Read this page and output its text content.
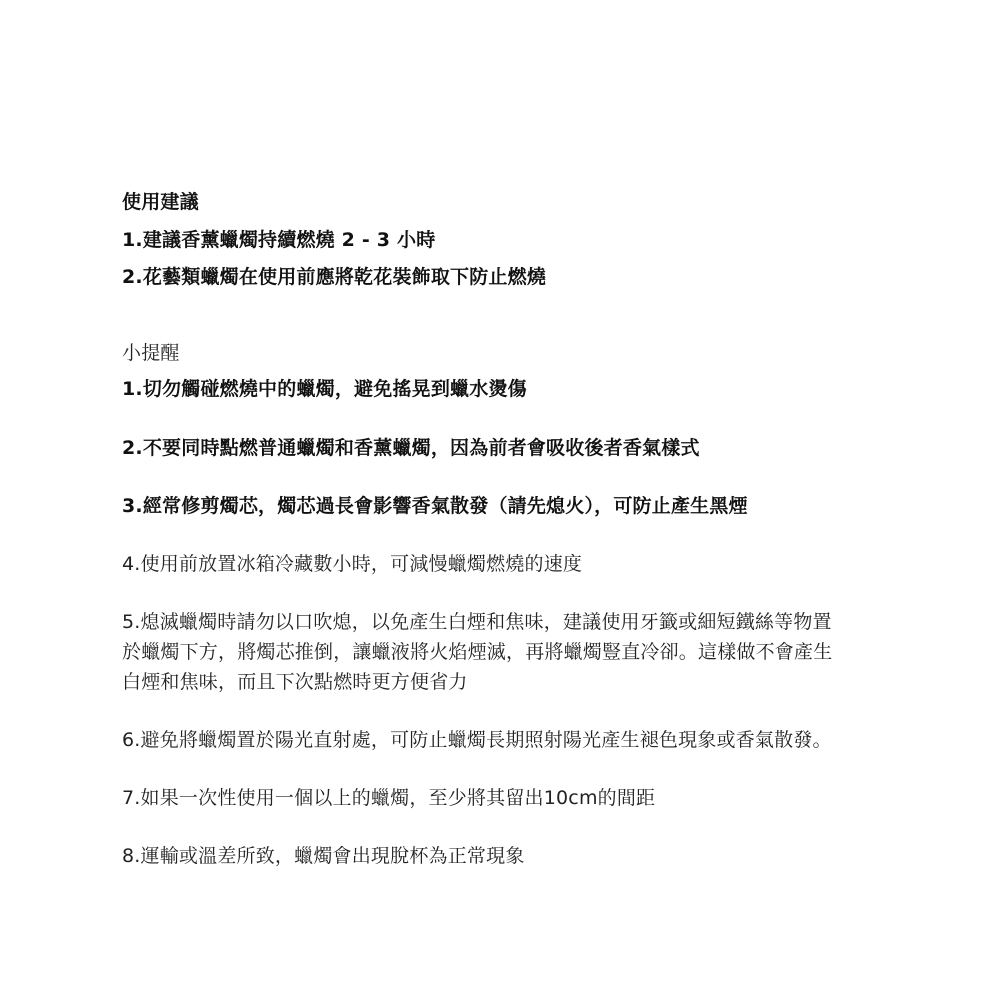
使用建議
1.建議香薰蠟燭持續燃燒 2 - 3 小時
2.花藝類蠟燭在使用前應將乾花裝飾取下防止燃燒
小提醒
1.切勿觸碰燃燒中的蠟燭，避免搖晃到蠟水燙傷
2.不要同時點燃普通蠟燭和香薰蠟燭，因為前者會吸收後者香氣樣式
3.經常修剪燭芯，燭芯過長會影響香氣散發（請先熄火），可防止產生黑煙
4.使用前放置冰箱冷藏數小時，可減慢蠟燭燃燒的速度
5.熄滅蠟燭時請勿以口吹熄，以免產生白煙和焦味，建議使用牙籤或細短鐵絲等物置
於蠟燭下方，將燭芯推倒，讓蠟液將火焰煙滅，再將蠟燭豎直冷卻。這樣做不會產生
白煙和焦味，而且下次點燃時更方便省力
6.避免將蠟燭置於陽光直射處，可防止蠟燭長期照射陽光產生褪色現象或香氣散發。
7.如果一次性使用一個以上的蠟燭，至少將其留出10cm的間距
8.運輸或溫差所致，蠟燭會出現脫杯為正常現象
